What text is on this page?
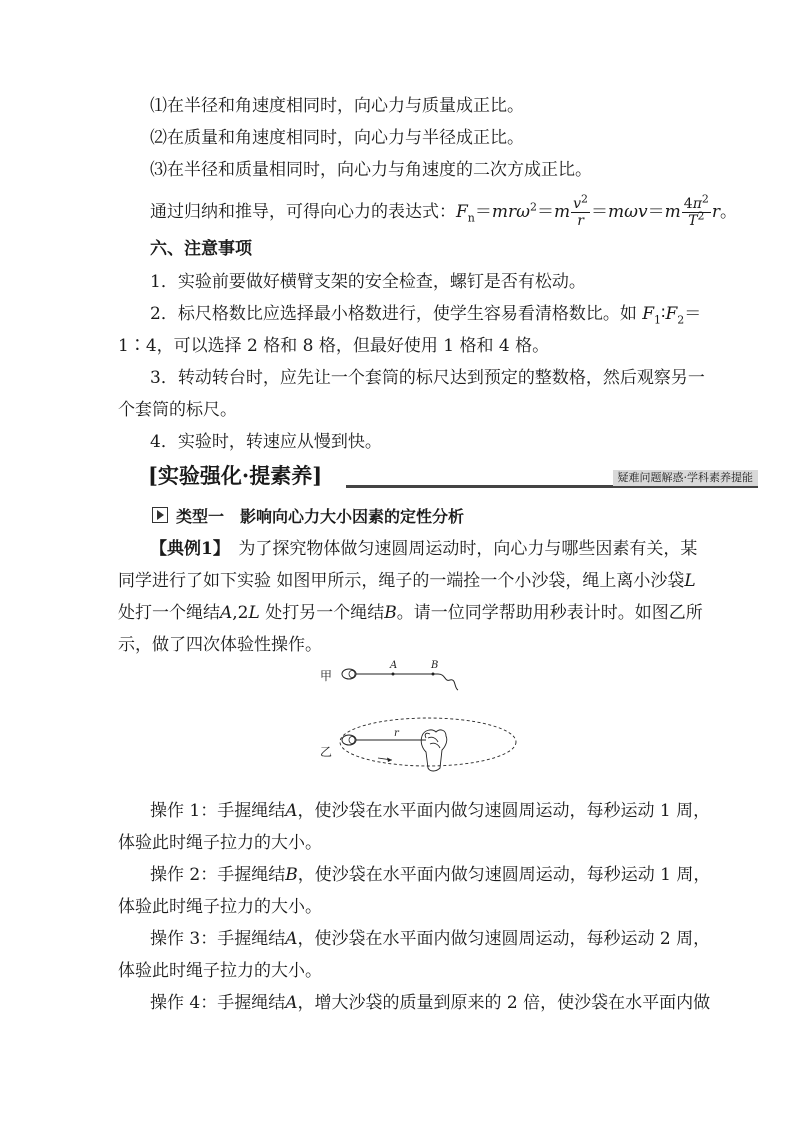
⑴在半径和角速度相同时，向心力与质量成正比。
⑵在质量和角速度相同时，向心力与半径成正比。
⑶在半径和质量相同时，向心力与角速度的二次方成正比。
通过归纳和推导，可得向心力的表达式：$F_n=mr\omega^2=m \frac{v^2}{r} =m\omega v=m \frac{4\pi^2}{T^2}$ r。
六、注意事项
1．实验前要做好横臂支架的安全检查，螺钉是否有松动。
2．标尺格数比应选择最小格数进行，使学生容易看清格数比。如 $F_1∶F_2=$
1∶4，可以选择 2 格和 8 格，但最好使用 1 格和 4 格。
3．转动转台时，应先让一个套筒的标尺达到预定的整数格，然后观察另一
个套筒的标尺。
4．实验时，转速应从慢到快。
[实验强化·提素养]	疑难问题解惑·学科素养提能
类型一　影响向心力大小因素的定性分析
【典例1】　 为了探究物体做匀速圆周运动时，向心力与哪些因素有关，某
同学进行了如下实验 如图甲所示，绳子的一端拴一个小沙袋，绳上离小沙袋L
处打一个绳结A,2L 处打另一个绳结B。请一位同学帮助用秒表计时。如图乙所
示，做了四次体验性操作。
甲
A	B
乙
r
操作 1：手握绳结A，使沙袋在水平面内做匀速圆周运动，每秒运动 1 周，
体验此时绳子拉力的大小。
操作 2：手握绳结B，使沙袋在水平面内做匀速圆周运动，每秒运动 1 周，
体验此时绳子拉力的大小。
操作 3：手握绳结A，使沙袋在水平面内做匀速圆周运动，每秒运动 2 周，
体验此时绳子拉力的大小。
操作 4：手握绳结A，增大沙袋的质量到原来的 2 倍，使沙袋在水平面内做
